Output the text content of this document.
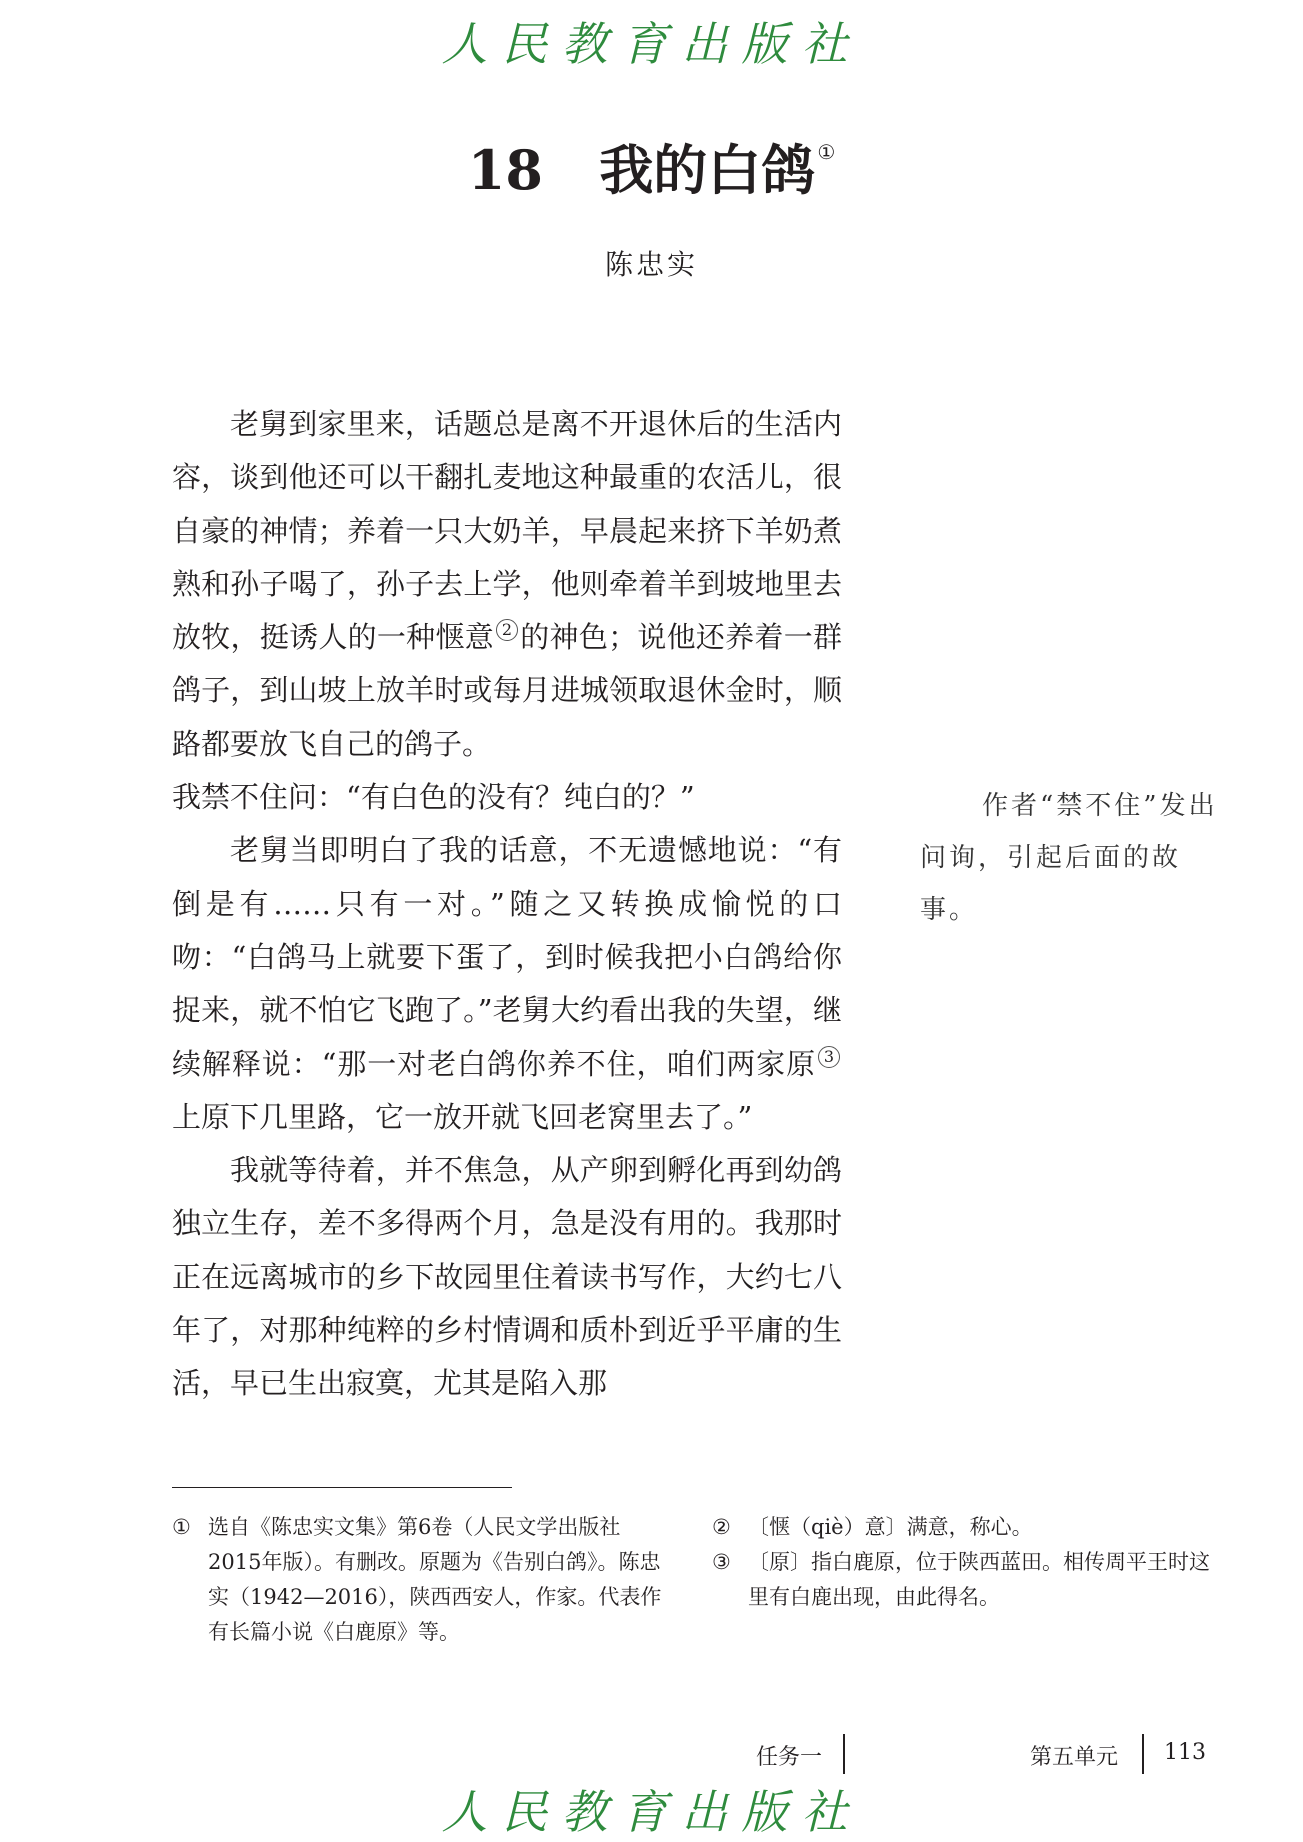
人民教育出版社
18 我的白鸽 ①
陈忠实

老舅到家里来，话题总是离不开退休后的生活内容，谈到他还可以干翻扎麦地这种最重的农活儿，很自豪的神情；养着一只大奶羊，早晨起来挤下羊奶煮熟和孙子喝了，孙子去上学，他则牵着羊到坡地里去放牧，挺诱人的一种惬意 2 的神色；说他还养着一群鸽子，到山坡上放羊时或每月进城领取退休金时，顺路都要放飞自己的鸽子。

我禁不住问：“有白色的没有？纯白的？”

老舅当即明白了我的话意，不无遗憾地说：“有倒是有……只有一对。”随之又转换成愉悦的口吻：“白鸽马上就要下蛋了，到时候我把小白鸽给你捉来，就不怕它飞跑了。”老舅大约看出我的失望，继续解释说：“那一对老白鸽你养不住，咱们两家原 3上原下几里路，它一放开就飞回老窝里去了。”

我就等待着，并不焦急，从产卵到孵化再到幼鸽独立生存，差不多得两个月，急是没有用的。我那时正在远离城市的乡下故园里住着读书写作，大约七八年了，对那种纯粹的乡村情调和质朴到近乎平庸的生活，早已生出寂寞，尤其是陷入那

作者“禁不住”发出问询，引起后面的故事。

① 选自《陈忠实文集》第6卷（人民文学出版社2015年版）。有删改。原题为《告别白鸽》。陈忠实（1942—2016），陕西西安人，作家。代表作有长篇小说《白鹿原》等。
② 〔惬（qiè）意〕满意，称心。
③ 〔原〕指白鹿原，位于陕西蓝田。相传周平王时这里有白鹿出现，由此得名。
任务一	第五单元 113
人民教育出版社
